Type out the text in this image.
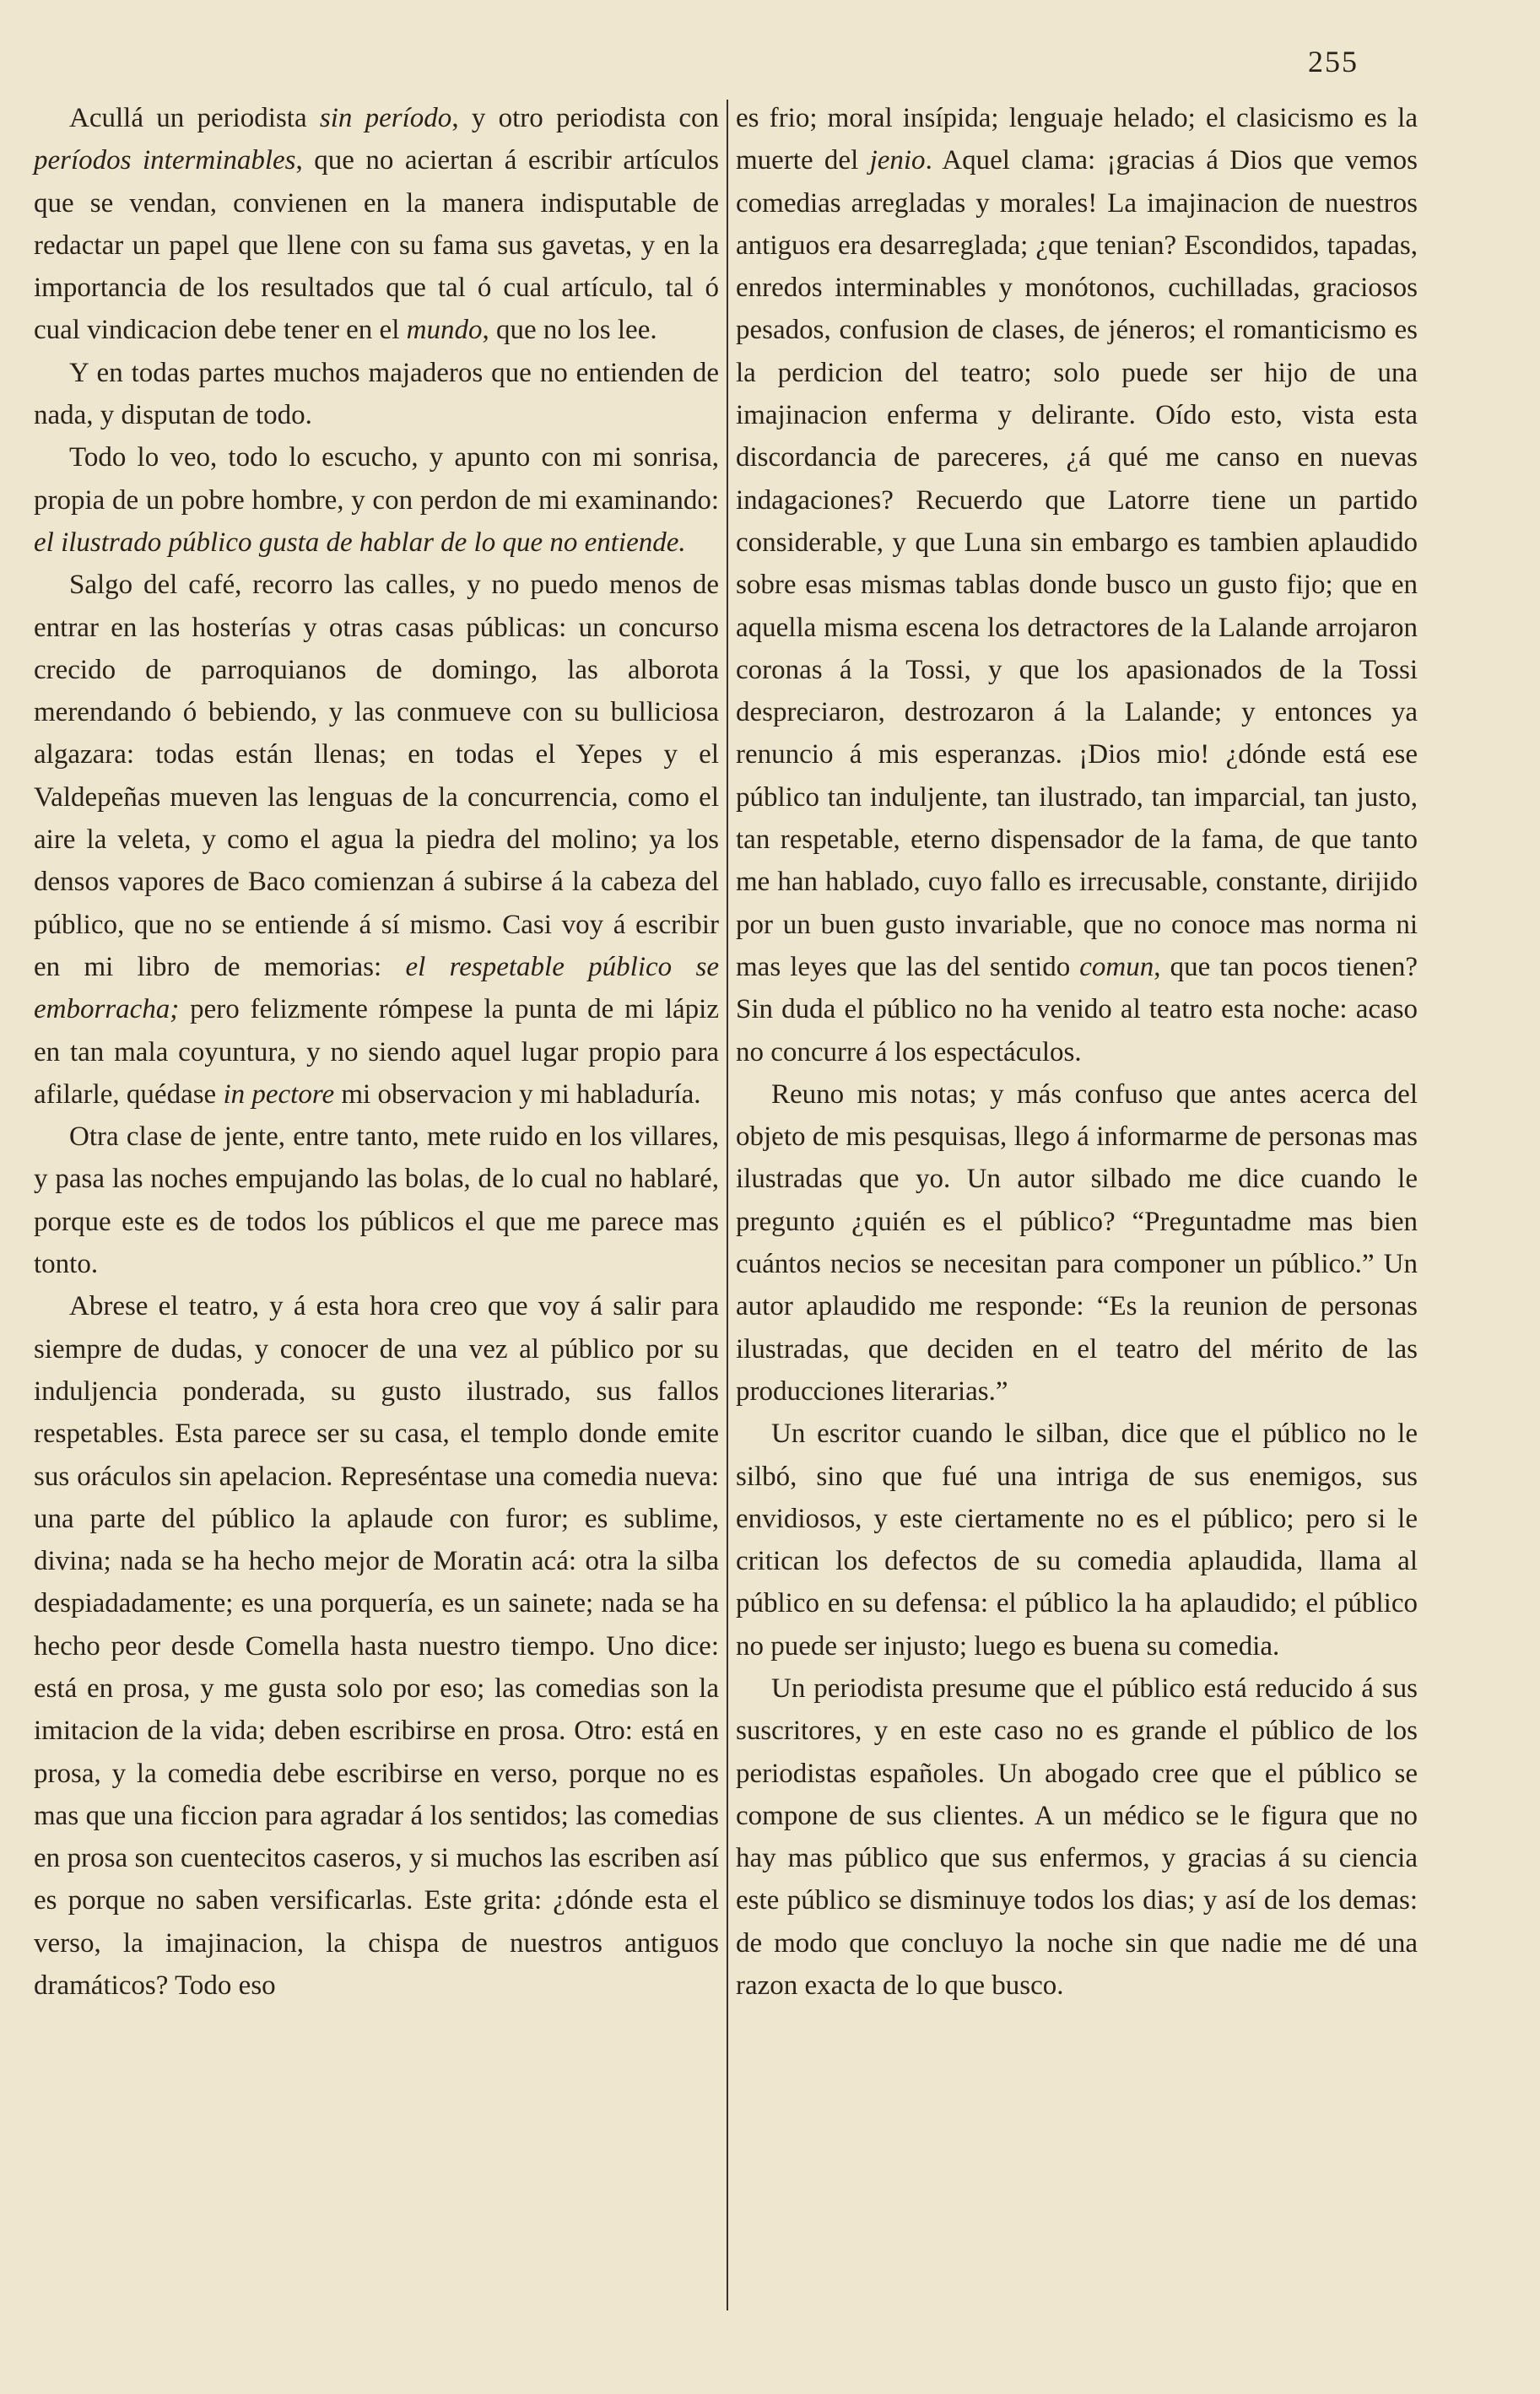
255

Acullá un periodista sin período, y otro periodista con períodos interminables, que no aciertan á escribir artículos que se vendan, convienen en la manera indisputable de redactar un papel que llene con su fama sus gavetas, y en la importancia de los resultados que tal ó cual artículo, tal ó cual vindicacion debe tener en el mundo, que no los lee.

Y en todas partes muchos majaderos que no entienden de nada, y disputan de todo.

Todo lo veo, todo lo escucho, y apunto con mi sonrisa, propia de un pobre hombre, y con perdon de mi examinando: el ilustrado público gusta de hablar de lo que no entiende.

Salgo del café, recorro las calles, y no puedo menos de entrar en las hosterías y otras casas públicas: un concurso crecido de parroquianos de domingo, las alborota merendando ó bebiendo, y las conmueve con su bulliciosa algazara: todas están llenas; en todas el Yepes y el Valdepeñas mueven las lenguas de la concurrencia, como el aire la veleta, y como el agua la piedra del molino; ya los densos vapores de Baco comienzan á subirse á la cabeza del público, que no se entiende á sí mismo. Casi voy á escribir en mi libro de memorias: el respetable público se emborracha; pero felizmente rómpese la punta de mi lápiz en tan mala coyuntura, y no siendo aquel lugar propio para afilarle, quédase in pectore mi observacion y mi habladuría.

Otra clase de jente, entre tanto, mete ruido en los villares, y pasa las noches empujando las bolas, de lo cual no hablaré, porque este es de todos los públicos el que me parece mas tonto.

Abrese el teatro, y á esta hora creo que voy á salir para siempre de dudas, y conocer de una vez al público por su induljencia ponderada, su gusto ilustrado, sus fallos respetables. Esta parece ser su casa, el templo donde emite sus oráculos sin apelacion. Represéntase una comedia nueva: una parte del público la aplaude con furor; es sublime, divina; nada se ha hecho mejor de Moratin acá: otra la silba despiadadamente; es una porquería, es un sainete; nada se ha hecho peor desde Comella hasta nuestro tiempo. Uno dice: está en prosa, y me gusta solo por eso; las comedias son la imitacion de la vida; deben escribirse en prosa. Otro: está en prosa, y la comedia debe escribirse en verso, porque no es mas que una ficcion para agradar á los sentidos; las comedias en prosa son cuentecitos caseros, y si muchos las escriben así es porque no saben versificarlas. Este grita: ¿dónde esta el verso, la imajinacion, la chispa de nuestros antiguos dramáticos? Todo eso

es frio; moral insípida; lenguaje helado; el clasicismo es la muerte del jenio. Aquel clama: ¡gracias á Dios que vemos comedias arregladas y morales! La imajinacion de nuestros antiguos era desarreglada; ¿que tenian? Escondidos, tapadas, enredos interminables y monótonos, cuchilladas, graciosos pesados, confusion de clases, de jéneros; el romanticismo es la perdicion del teatro; solo puede ser hijo de una imajinacion enferma y delirante. Oído esto, vista esta discordancia de pareceres, ¿á qué me canso en nuevas indagaciones? Recuerdo que Latorre tiene un partido considerable, y que Luna sin embargo es tambien aplaudido sobre esas mismas tablas donde busco un gusto fijo; que en aquella misma escena los detractores de la Lalande arrojaron coronas á la Tossi, y que los apasionados de la Tossi despreciaron, destrozaron á la Lalande; y entonces ya renuncio á mis esperanzas. ¡Dios mio! ¿dónde está ese público tan induljente, tan ilustrado, tan imparcial, tan justo, tan respetable, eterno dispensador de la fama, de que tanto me han hablado, cuyo fallo es irrecusable, constante, dirijido por un buen gusto invariable, que no conoce mas norma ni mas leyes que las del sentido comun, que tan pocos tienen? Sin duda el público no ha venido al teatro esta noche: acaso no concurre á los espectáculos.

Reuno mis notas; y más confuso que antes acerca del objeto de mis pesquisas, llego á informarme de personas mas ilustradas que yo. Un autor silbado me dice cuando le pregunto ¿quién es el público? “Preguntadme mas bien cuántos necios se necesitan para componer un público.” Un autor aplaudido me responde: “Es la reunion de personas ilustradas, que deciden en el teatro del mérito de las producciones literarias.”

Un escritor cuando le silban, dice que el público no le silbó, sino que fué una intriga de sus enemigos, sus envidiosos, y este ciertamente no es el público; pero si le critican los defectos de su comedia aplaudida, llama al público en su defensa: el público la ha aplaudido; el público no puede ser injusto; luego es buena su comedia.

Un periodista presume que el público está reducido á sus suscritores, y en este caso no es grande el público de los periodistas españoles. Un abogado cree que el público se compone de sus clientes. A un médico se le figura que no hay mas público que sus enfermos, y gracias á su ciencia este público se disminuye todos los dias; y así de los demas: de modo que concluyo la noche sin que nadie me dé una razon exacta de lo que busco.
